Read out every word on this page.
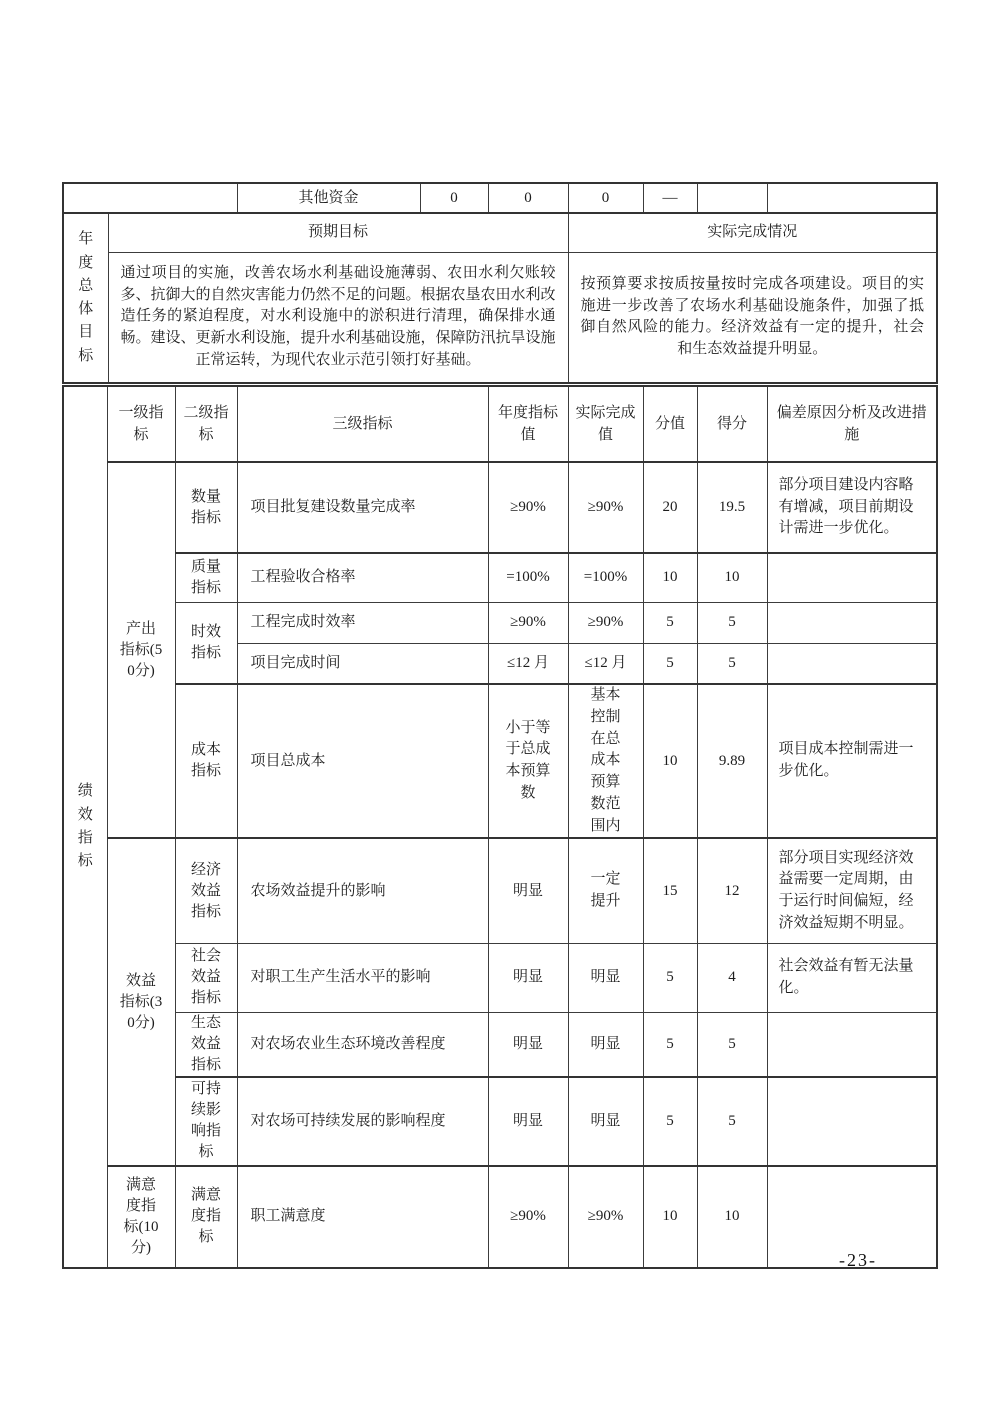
	其他资金	0	0	0	—		
年度总体目标	预期目标	实际完成情况
	通过项目的实施，改善农场水利基础设施薄弱、农田水利欠账较多、抗御大的自然灾害能力仍然不足的问题。根据农垦农田水利改造任务的紧迫程度，对水利设施中的淤积进行清理，确保排水通畅。建设、更新水利设施，提升水利基础设施，保障防汛抗旱设施正常运转，为现代农业示范引领打好基础。	按预算要求按质按量按时完成各项建设。项目的实施进一步改善了农场水利基础设施条件，加强了抵御自然风险的能力。经济效益有一定的提升，社会和生态效益提升明显。
绩效指标	一级指标	二级指标	三级指标	年度指标值	实际完成值	分值	得分	偏差原因分析及改进措施
	产出指标(50分)	数量指标	项目批复建设数量完成率	≥90%	≥90%	20	19.5	部分项目建设内容略有增减，项目前期设计需进一步优化。
		质量指标	工程验收合格率	=100%	=100%	10	10	
		时效指标	工程完成时效率	≥90%	≥90%	5	5	
			项目完成时间	≤12 月	≤12 月	5	5	
		成本指标	项目总成本	小于等于总成本预算数	基本控制在总成本预算数范围内	10	9.89	项目成本控制需进一步优化。
	效益指标(30分)	经济效益指标	农场效益提升的影响	明显	一定提升	15	12	部分项目实现经济效益需要一定周期，由于运行时间偏短，经济效益短期不明显。
		社会效益指标	对职工生产生活水平的影响	明显	明显	5	4	社会效益有暂无法量化。
		生态效益指标	对农场农业生态环境改善程度	明显	明显	5	5	
		可持续影响指标	对农场可持续发展的影响程度	明显	明显	5	5	
	满意度指标(10分)	满意度指标	职工满意度	≥90%	≥90%	10	10	
-23-
